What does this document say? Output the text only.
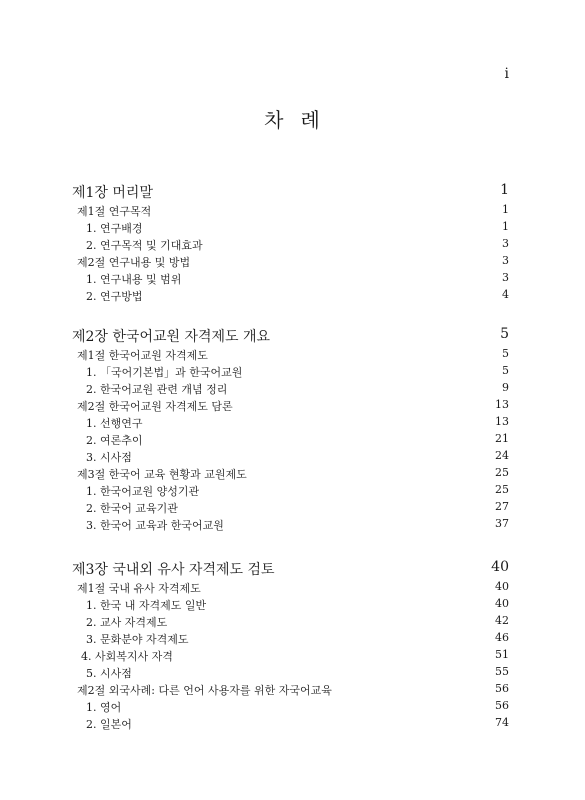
i
차 례
제1장 머리말	1
제1절 연구목적	1
1. 연구배경	1
2. 연구목적 및 기대효과	3
제2절 연구내용 및 방법	3
1. 연구내용 및 범위	3
2. 연구방법	4
제2장 한국어교원 자격제도 개요	5
제1절 한국어교원 자격제도	5
1. 「국어기본법」과 한국어교원	5
2. 한국어교원 관련 개념 정리	9
제2절 한국어교원 자격제도 담론	13
1. 선행연구	13
2. 여론추이	21
3. 시사점	24
제3절 한국어 교육 현황과 교원제도	25
1. 한국어교원 양성기관	25
2. 한국어 교육기관	27
3. 한국어 교육과 한국어교원	37
제3장 국내외 유사 자격제도 검토	40
제1절 국내 유사 자격제도	40
1. 한국 내 자격제도 일반	40
2. 교사 자격제도	42
3. 문화분야 자격제도	46
4. 사회복지사 자격	51
5. 시사점	55
제2절 외국사례: 다른 언어 사용자를 위한 자국어교육	56
1. 영어	56
2. 일본어	74
